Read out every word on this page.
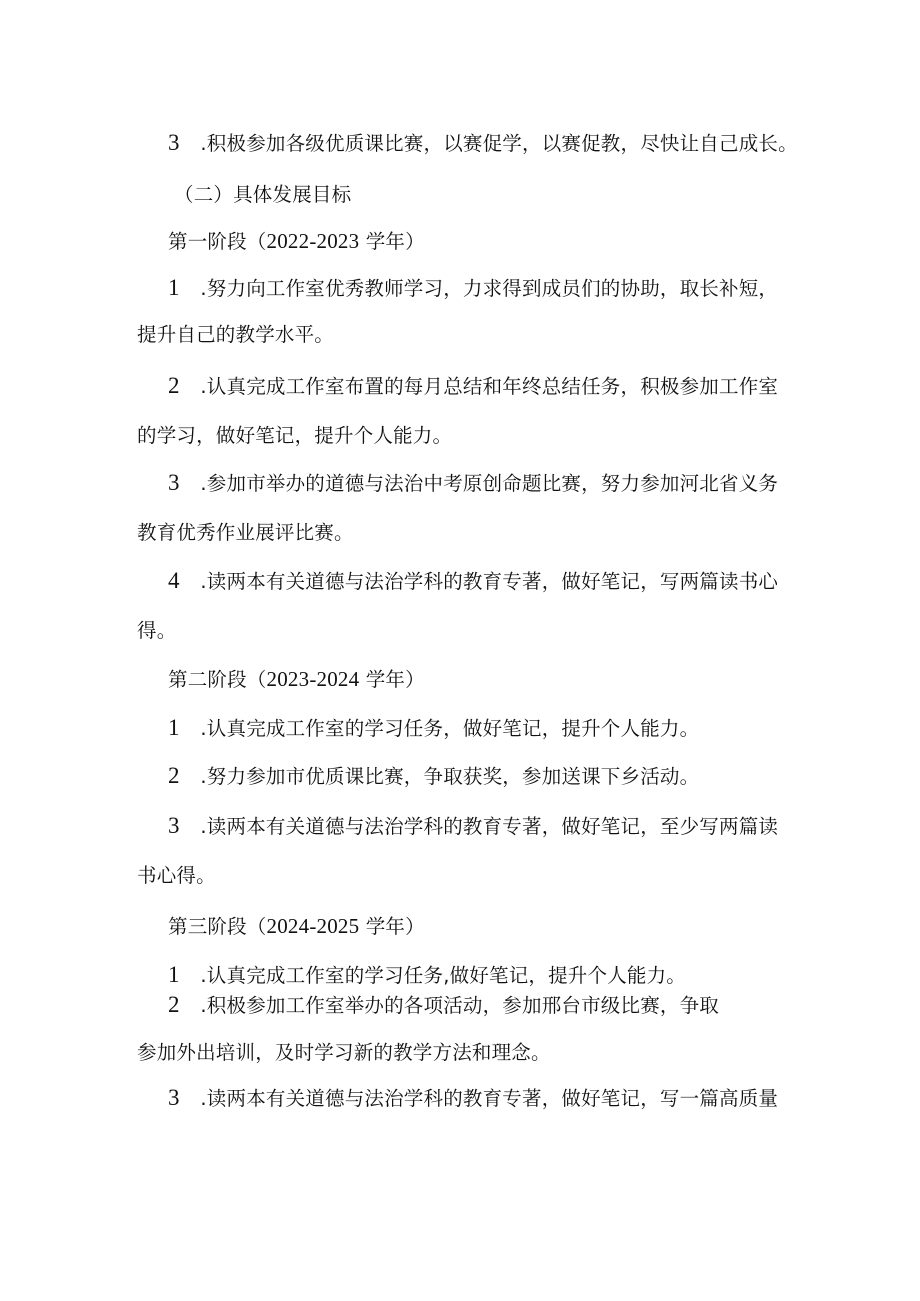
3 .积极参加各级优质课比赛，以赛促学，以赛促教，尽快让自己成长。
（二）具体发展目标
第一阶段（2022-2023 学年）
1 .努力向工作室优秀教师学习，力求得到成员们的协助，取长补短，
提升自己的教学水平。
2 .认真完成工作室布置的每月总结和年终总结任务，积极参加工作室
的学习，做好笔记，提升个人能力。
3 .参加市举办的道德与法治中考原创命题比赛，努力参加河北省义务
教育优秀作业展评比赛。
4 .读两本有关道德与法治学科的教育专著，做好笔记，写两篇读书心
得。
第二阶段（2023-2024 学年）
1 .认真完成工作室的学习任务，做好笔记，提升个人能力。
2 .努力参加市优质课比赛，争取获奖，参加送课下乡活动。
3 .读两本有关道德与法治学科的教育专著，做好笔记，至少写两篇读
书心得。
第三阶段（2024-2025 学年）
1 .认真完成工作室的学习任务,做好笔记，提升个人能力。
2 .积极参加工作室举办的各项活动，参加邢台市级比赛，争取
参加外出培训，及时学习新的教学方法和理念。
3 .读两本有关道德与法治学科的教育专著，做好笔记，写一篇高质量
